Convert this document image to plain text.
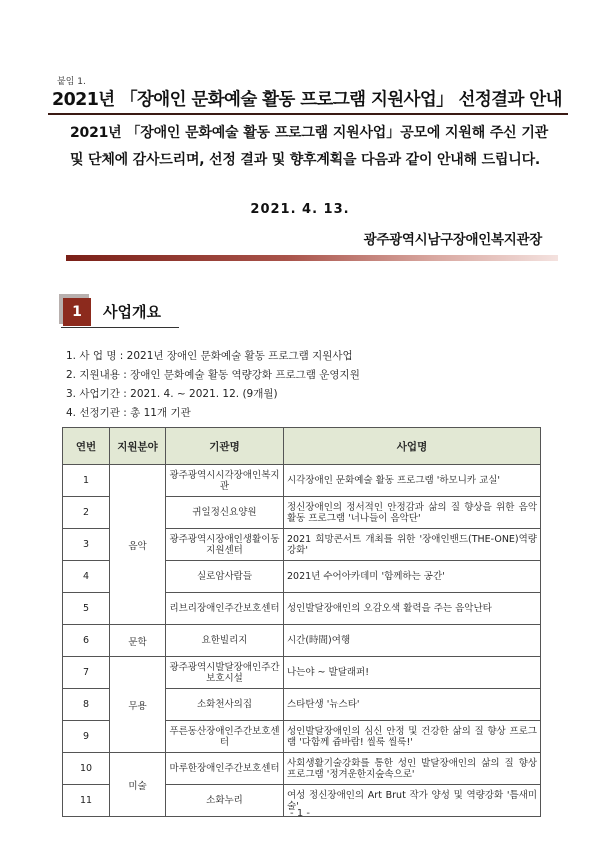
붙임 1.
2021년 「장애인 문화예술 활동 프로그램 지원사업」 선정결과 안내
2021년 「장애인 문화예술 활동 프로그램 지원사업」공모에 지원해 주신 기관 및 단체에 감사드리며, 선정 결과 및 향후계획을 다음과 같이 안내해 드립니다.
2021. 4. 13.
광주광역시남구장애인복지관장
1	사업개요
1. 사 업 명 : 2021년 장애인 문화예술 활동 프로그램 지원사업
2. 지원내용 : 장애인 문화예술 활동 역량강화 프로그램 운영지원
3. 사업기간 : 2021. 4. ~ 2021. 12. (9개월)
4. 선정기관 : 총 11개 기관
연번	지원분야	기관명	사업명
1	음악	광주광역시시각장애인복지관	시각장애인 문화예술 활동 프로그램 '하모니카 교실'
2		귀일정신요양원	정신장애인의 정서적인 안정감과 삶의 질 향상을 위한 음악활동 프로그램 '너나들이 음악단'
3		광주광역시장애인생활이동지원센터	2021 희망콘서트 개최를 위한 '장애인밴드(THE-ONE)역량강화'
4		실로암사람들	2021년 수어아카데미 '함께하는 공간'
5		리브리장애인주간보호센터	성인발달장애인의 오감오색 활력을 주는 음악난타
6	문학	요한빌리지	시간(時間)여행
7	무용	광주광역시발달장애인주간보호시설	나는야 ~ 발달래퍼!
8		소화천사의집	스타탄생 '뉴스타'
9		푸른동산장애인주간보호센터	성인발달장애인의 심신 안정 및 건강한 삶의 질 향상 프로그램 '다함께 쥼바람! 씰룩 씰룩!'
10	미술	마루한장애인주간보호센터	사회생활기술강화를 통한 성인 발달장애인의 삶의 질 향상 프로그램 '정겨운한지숲속으로'
11		소화누리	여성 정신장애인의 Art Brut 작가 양성 및 역량강화 '틈새미술'
- 1 -
